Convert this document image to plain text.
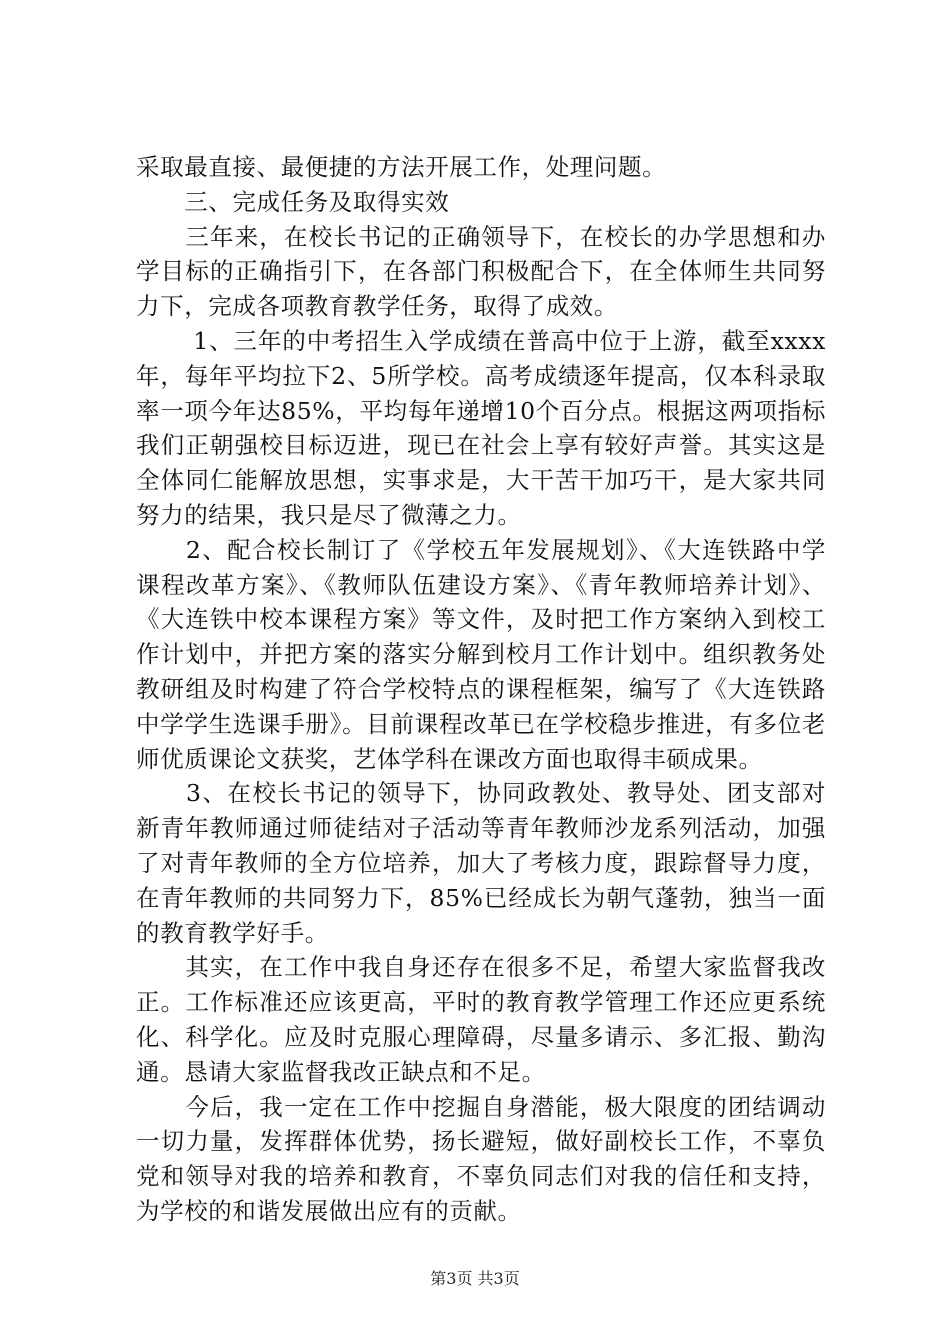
采取最直接、最便捷的方法开展工作，处理问题。

　　三、完成任务及取得实效

　　三年来，在校长书记的正确领导下，在校长的办学思想和办学目标的正确指引下，在各部门积极配合下，在全体师生共同努力下，完成各项教育教学任务，取得了成效。

　　 1、三年的中考招生入学成绩在普高中位于上游，截至xxxx年，每年平均拉下2、5所学校。高考成绩逐年提高，仅本科录取率一项今年达85%，平均每年递增10个百分点。根据这两项指标我们正朝强校目标迈进，现已在社会上享有较好声誉。其实这是全体同仁能解放思想，实事求是，大干苦干加巧干，是大家共同努力的结果，我只是尽了微薄之力。

　　2、配合校长制订了《学校五年发展规划》、《大连铁路中学课程改革方案》、《教师队伍建设方案》、《青年教师培养计划》、《大连铁中校本课程方案》等文件，及时把工作方案纳入到校工作计划中，并把方案的落实分解到校月工作计划中。组织教务处教研组及时构建了符合学校特点的课程框架，编写了《大连铁路中学学生选课手册》。目前课程改革已在学校稳步推进，有多位老师优质课论文获奖，艺体学科在课改方面也取得丰硕成果。

　　3、在校长书记的领导下，协同政教处、教导处、团支部对新青年教师通过师徒结对子活动等青年教师沙龙系列活动，加强了对青年教师的全方位培养，加大了考核力度，跟踪督导力度，在青年教师的共同努力下，85%已经成长为朝气蓬勃，独当一面的教育教学好手。

　　其实，在工作中我自身还存在很多不足，希望大家监督我改正。工作标准还应该更高，平时的教育教学管理工作还应更系统化、科学化。应及时克服心理障碍，尽量多请示、多汇报、勤沟通。恳请大家监督我改正缺点和不足。

　　今后，我一定在工作中挖掘自身潜能，极大限度的团结调动一切力量，发挥群体优势，扬长避短，做好副校长工作，不辜负党和领导对我的培养和教育，不辜负同志们对我的信任和支持，为学校的和谐发展做出应有的贡献。

第3页 共3页
